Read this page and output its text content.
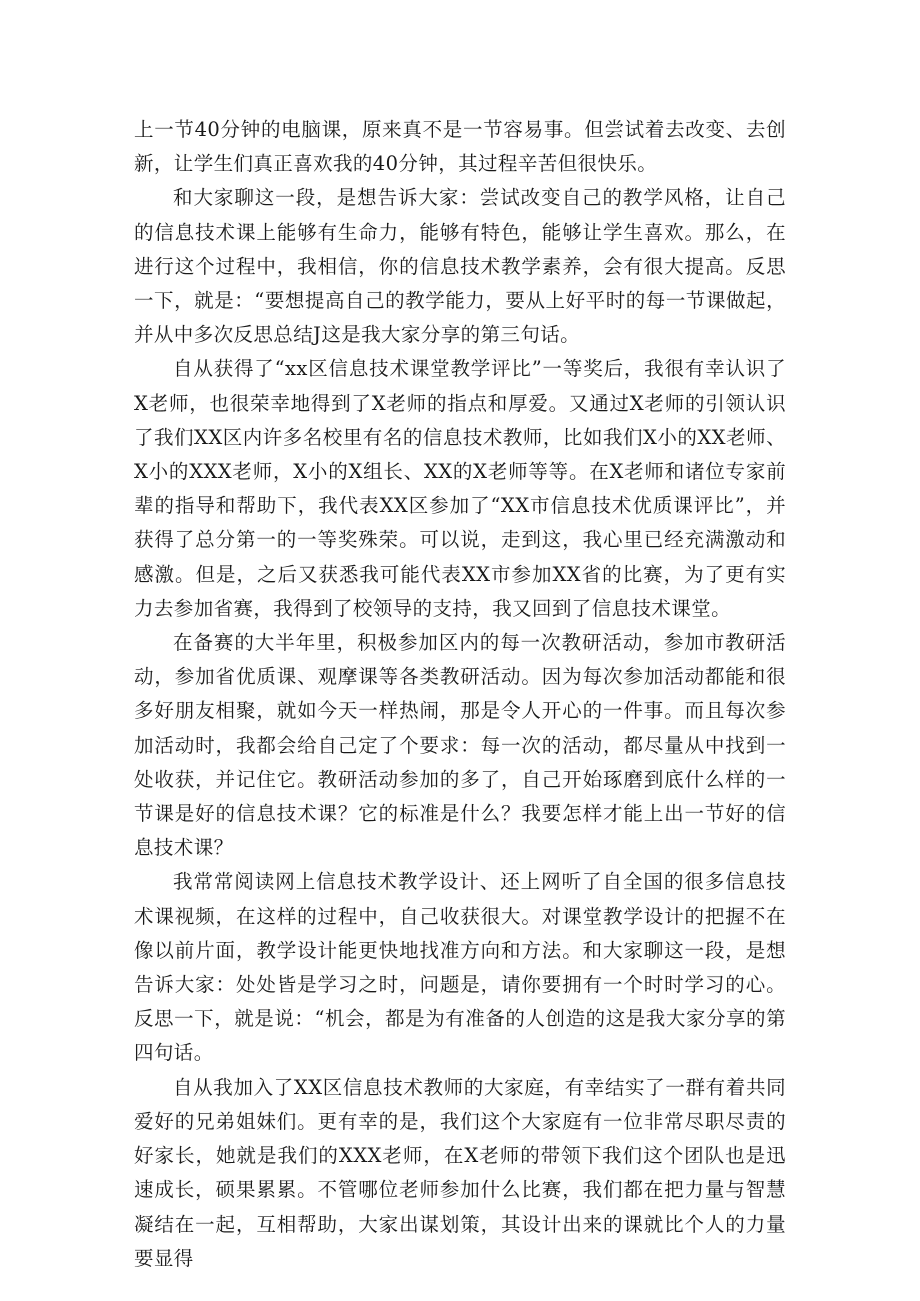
上一节40分钟的电脑课，原来真不是一节容易事。但尝试着去改变、去创新，让学生们真正喜欢我的40分钟，其过程辛苦但很快乐。

和大家聊这一段，是想告诉大家：尝试改变自己的教学风格，让自己的信息技术课上能够有生命力，能够有特色，能够让学生喜欢。那么，在进行这个过程中，我相信，你的信息技术教学素养，会有很大提高。反思一下，就是：“要想提高自己的教学能力，要从上好平时的每一节课做起，并从中多次反思总结J这是我大家分享的第三句话。

自从获得了“xx区信息技术课堂教学评比”一等奖后，我很有幸认识了X老师，也很荣幸地得到了X老师的指点和厚爱。又通过X老师的引领认识了我们XX区内许多名校里有名的信息技术教师，比如我们X小的XX老师、X小的XXX老师，X小的X组长、XX的X老师等等。在X老师和诸位专家前辈的指导和帮助下，我代表XX区参加了“XX市信息技术优质课评比”，并获得了总分第一的一等奖殊荣。可以说，走到这，我心里已经充满激动和感激。但是，之后又获悉我可能代表XX市参加XX省的比赛，为了更有实力去参加省赛，我得到了校领导的支持，我又回到了信息技术课堂。

在备赛的大半年里，积极参加区内的每一次教研活动，参加市教研活动，参加省优质课、观摩课等各类教研活动。因为每次参加活动都能和很多好朋友相聚，就如今天一样热闹，那是令人开心的一件事。而且每次参加活动时，我都会给自己定了个要求：每一次的活动，都尽量从中找到一处收获，并记住它。教研活动参加的多了，自己开始琢磨到底什么样的一节课是好的信息技术课？它的标准是什么？我要怎样才能上出一节好的信息技术课？

我常常阅读网上信息技术教学设计、还上网听了自全国的很多信息技术课视频，在这样的过程中，自己收获很大。对课堂教学设计的把握不在像以前片面，教学设计能更快地找准方向和方法。和大家聊这一段，是想告诉大家：处处皆是学习之时，问题是，请你要拥有一个时时学习的心。反思一下，就是说：“机会，都是为有准备的人创造的这是我大家分享的第四句话。

自从我加入了XX区信息技术教师的大家庭，有幸结实了一群有着共同爱好的兄弟姐妹们。更有幸的是，我们这个大家庭有一位非常尽职尽责的好家长，她就是我们的XXX老师，在X老师的带领下我们这个团队也是迅速成长，硕果累累。不管哪位老师参加什么比赛，我们都在把力量与智慧凝结在一起，互相帮助，大家出谋划策，其设计出来的课就比个人的力量要显得
